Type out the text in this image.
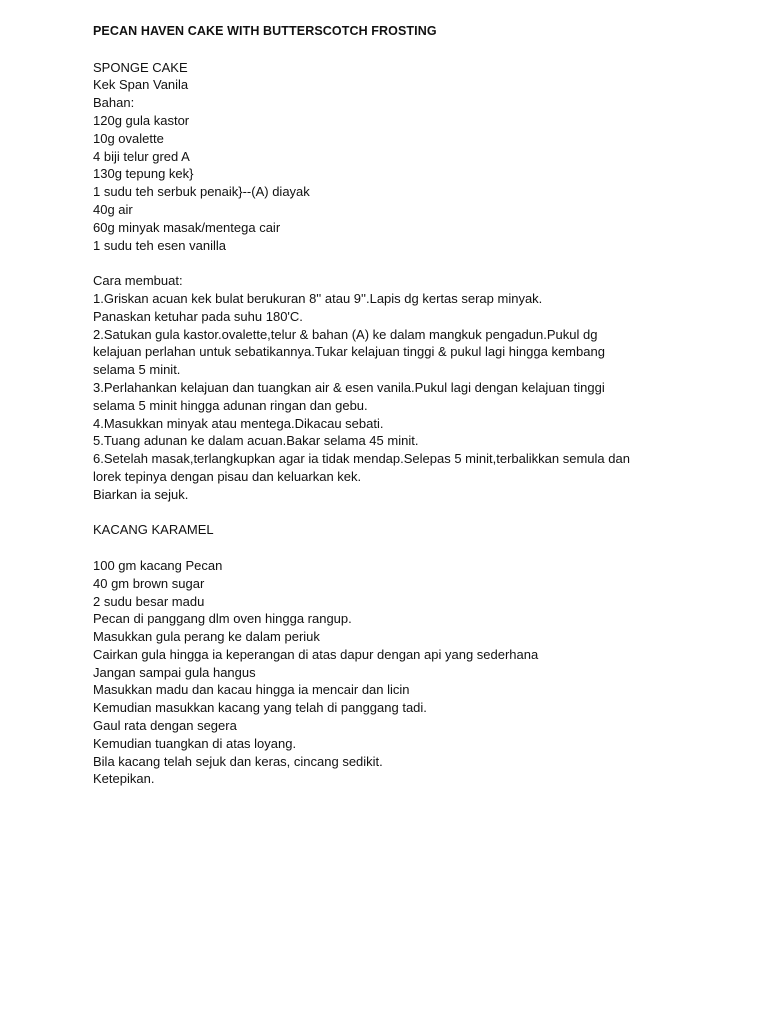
PECAN HAVEN CAKE WITH BUTTERSCOTCH FROSTING
SPONGE CAKE
Kek Span Vanila
Bahan:
120g gula kastor
10g ovalette
4 biji telur gred A
130g tepung kek}
1 sudu teh serbuk penaik}--(A) diayak
40g air
60g minyak masak/mentega cair
1 sudu teh esen vanilla
Cara membuat:
1.Griskan acuan kek bulat berukuran 8'' atau 9''.Lapis dg kertas serap minyak.
Panaskan ketuhar pada suhu 180'C.
2.Satukan gula kastor.ovalette,telur & bahan (A) ke dalam mangkuk pengadun.Pukul dg
kelajuan perlahan untuk sebatikannya.Tukar kelajuan tinggi & pukul lagi hingga kembang
selama 5 minit.
3.Perlahankan kelajuan dan tuangkan air & esen vanila.Pukul lagi dengan kelajuan tinggi
selama 5 minit hingga adunan ringan dan gebu.
4.Masukkan minyak atau mentega.Dikacau sebati.
5.Tuang adunan ke dalam acuan.Bakar selama 45 minit.
6.Setelah masak,terlangkupkan agar ia tidak mendap.Selepas 5 minit,terbalikkan semula dan
lorek tepinya dengan pisau dan keluarkan kek.
Biarkan ia sejuk.
KACANG KARAMEL
100 gm kacang Pecan
40 gm brown sugar
2 sudu besar madu
Pecan di panggang dlm oven hingga rangup.
Masukkan gula perang ke dalam periuk
Cairkan gula hingga ia keperangan di atas dapur dengan api yang sederhana
Jangan sampai gula hangus
Masukkan madu dan kacau hingga ia mencair dan licin
Kemudian masukkan kacang yang telah di panggang tadi.
Gaul rata dengan segera
Kemudian tuangkan di atas loyang.
Bila kacang telah sejuk dan keras, cincang sedikit.
Ketepikan.
